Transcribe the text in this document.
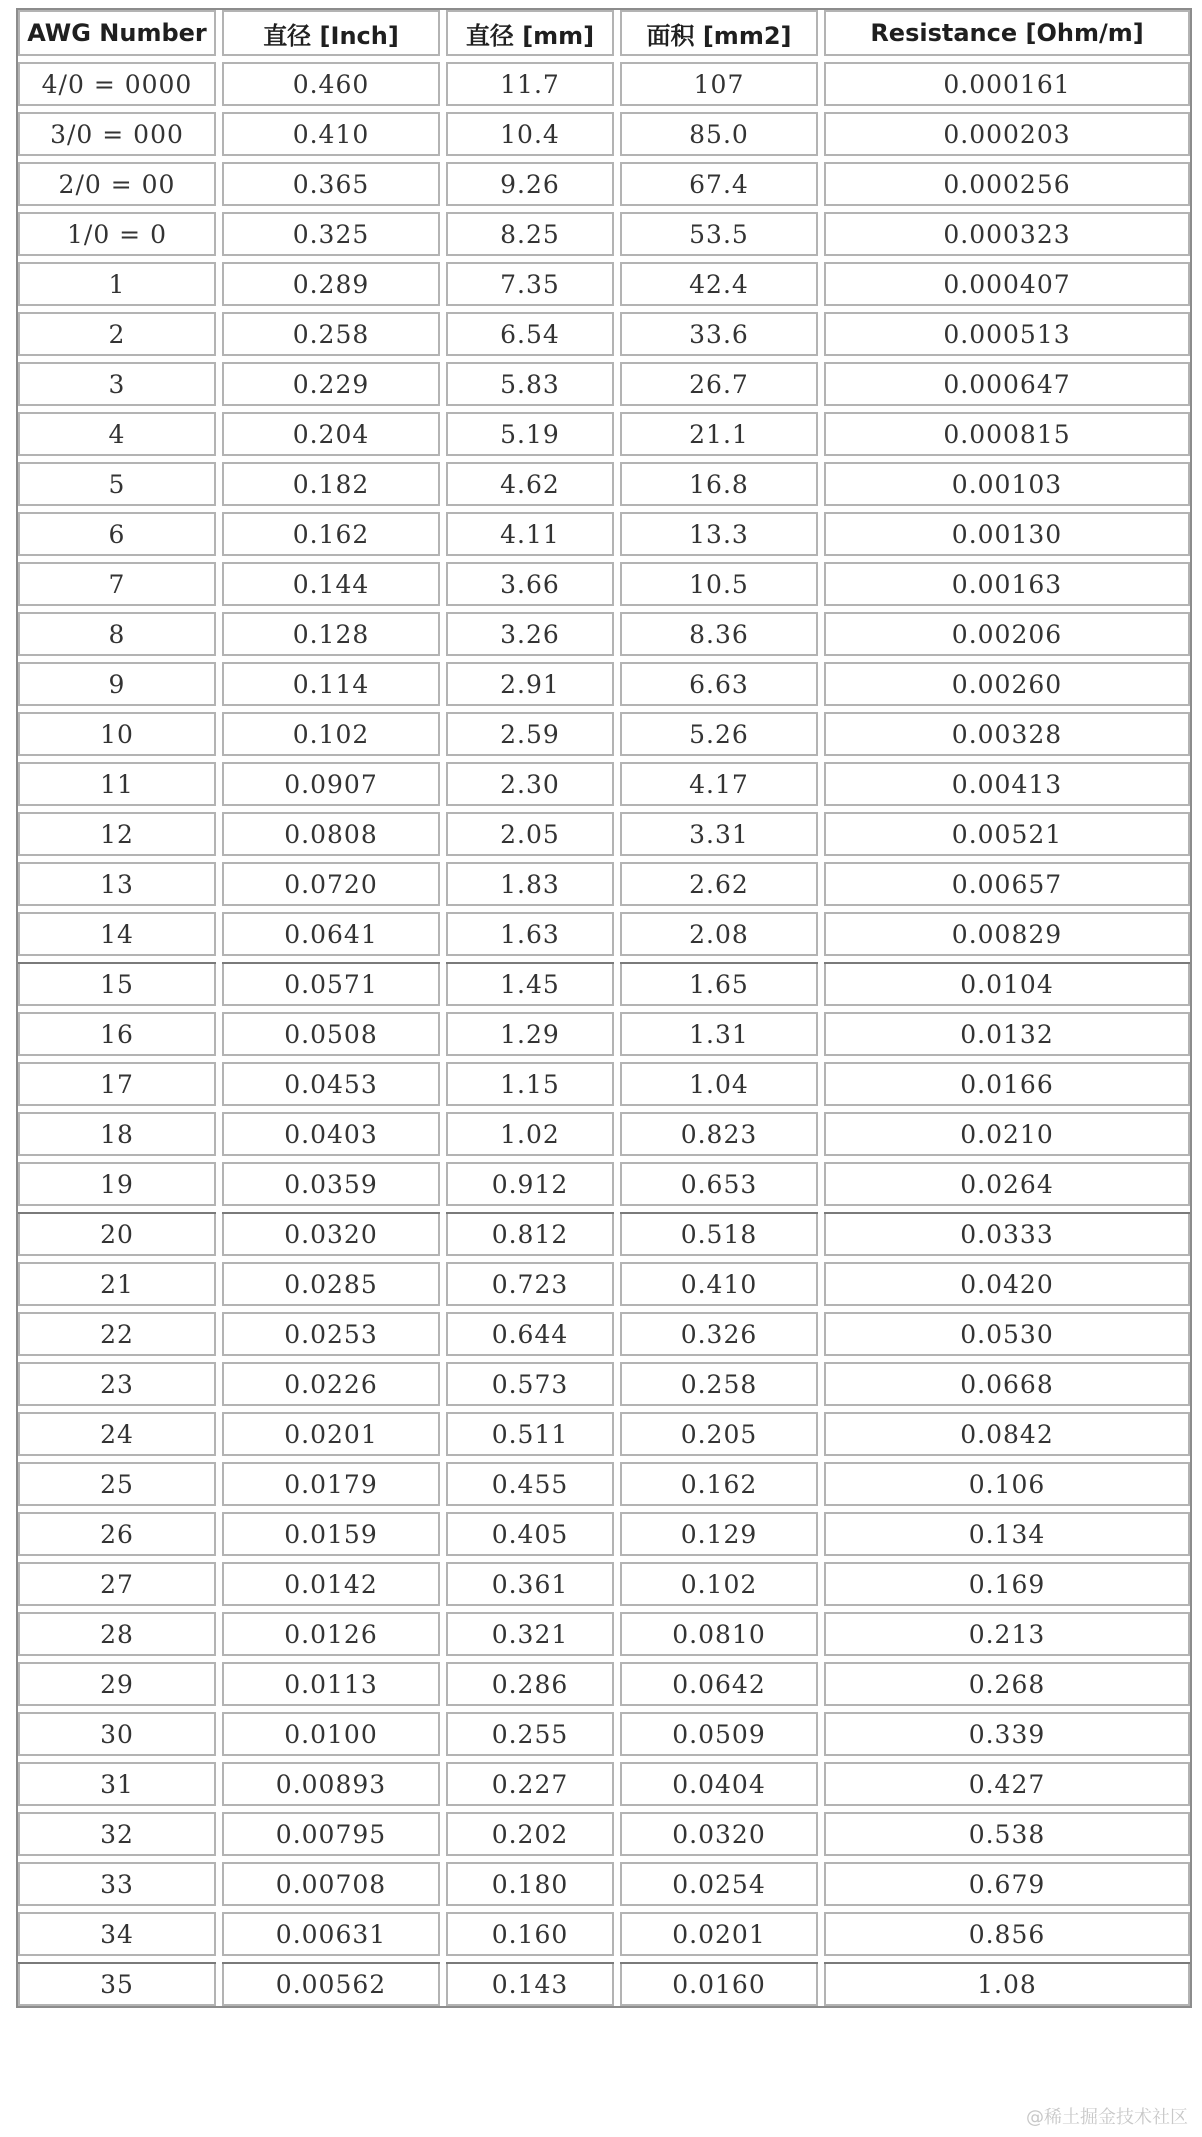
AWG Number	直径 [Inch]	直径 [mm]	面积 [mm2]	Resistance [Ohm/m]
4/0 = 0000	0.460	11.7	107	0.000161
3/0 = 000	0.410	10.4	85.0	0.000203
2/0 = 00	0.365	9.26	67.4	0.000256
1/0 = 0	0.325	8.25	53.5	0.000323
1	0.289	7.35	42.4	0.000407
2	0.258	6.54	33.6	0.000513
3	0.229	5.83	26.7	0.000647
4	0.204	5.19	21.1	0.000815
5	0.182	4.62	16.8	0.00103
6	0.162	4.11	13.3	0.00130
7	0.144	3.66	10.5	0.00163
8	0.128	3.26	8.36	0.00206
9	0.114	2.91	6.63	0.00260
10	0.102	2.59	5.26	0.00328
11	0.0907	2.30	4.17	0.00413
12	0.0808	2.05	3.31	0.00521
13	0.0720	1.83	2.62	0.00657
14	0.0641	1.63	2.08	0.00829
15	0.0571	1.45	1.65	0.0104
16	0.0508	1.29	1.31	0.0132
17	0.0453	1.15	1.04	0.0166
18	0.0403	1.02	0.823	0.0210
19	0.0359	0.912	0.653	0.0264
20	0.0320	0.812	0.518	0.0333
21	0.0285	0.723	0.410	0.0420
22	0.0253	0.644	0.326	0.0530
23	0.0226	0.573	0.258	0.0668
24	0.0201	0.511	0.205	0.0842
25	0.0179	0.455	0.162	0.106
26	0.0159	0.405	0.129	0.134
27	0.0142	0.361	0.102	0.169
28	0.0126	0.321	0.0810	0.213
29	0.0113	0.286	0.0642	0.268
30	0.0100	0.255	0.0509	0.339
31	0.00893	0.227	0.0404	0.427
32	0.00795	0.202	0.0320	0.538
33	0.00708	0.180	0.0254	0.679
34	0.00631	0.160	0.0201	0.856
35	0.00562	0.143	0.0160	1.08
@稀土掘金技术社区
